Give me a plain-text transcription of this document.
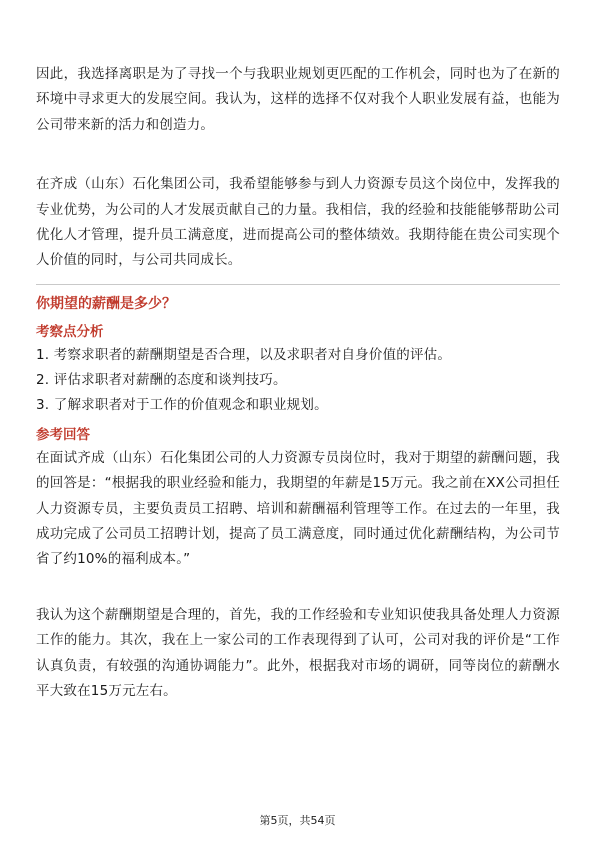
因此，我选择离职是为了寻找一个与我职业规划更匹配的工作机会，同时也为了在新的环境中寻求更大的发展空间。我认为，这样的选择不仅对我个人职业发展有益，也能为公司带来新的活力和创造力。

在齐成（山东）石化集团公司，我希望能够参与到人力资源专员这个岗位中，发挥我的专业优势，为公司的人才发展贡献自己的力量。我相信，我的经验和技能能够帮助公司优化人才管理，提升员工满意度，进而提高公司的整体绩效。我期待能在贵公司实现个人价值的同时，与公司共同成长。

你期望的薪酬是多少？

考察点分析

1. 考察求职者的薪酬期望是否合理，以及求职者对自身价值的评估。
2. 评估求职者对薪酬的态度和谈判技巧。
3. 了解求职者对于工作的价值观念和职业规划。

参考回答

在面试齐成（山东）石化集团公司的人力资源专员岗位时，我对于期望的薪酬问题，我的回答是：“根据我的职业经验和能力，我期望的年薪是15万元。我之前在XX公司担任人力资源专员，主要负责员工招聘、培训和薪酬福利管理等工作。在过去的一年里，我成功完成了公司员工招聘计划，提高了员工满意度，同时通过优化薪酬结构，为公司节省了约10%的福利成本。”

我认为这个薪酬期望是合理的，首先，我的工作经验和专业知识使我具备处理人力资源工作的能力。其次，我在上一家公司的工作表现得到了认可，公司对我的评价是“工作认真负责，有较强的沟通协调能力”。此外，根据我对市场的调研，同等岗位的薪酬水平大致在15万元左右。

第5页，共54页
